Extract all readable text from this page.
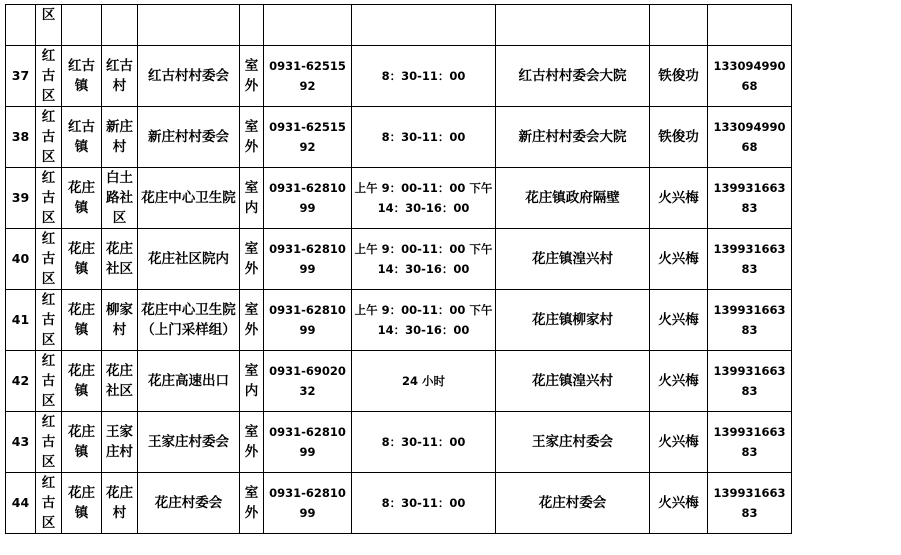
	区									
37	红古区	红古镇	红古村	红古村村委会	室外	0931-6251592	8：30-11：00	红古村村委会大院	铁俊功	13309499068
38	红古区	红古镇	新庄村	新庄村村委会	室外	0931-6251592	8：30-11：00	新庄村村委会大院	铁俊功	13309499068
39	红古区	花庄镇	白土路社区	花庄中心卫生院	室内	0931-6281099	上午 9：00-11：00 下午 14：30-16：00	花庄镇政府隔壁	火兴梅	13993166383
40	红古区	花庄镇	花庄社区	花庄社区院内	室外	0931-6281099	上午 9：00-11：00 下午 14：30-16：00	花庄镇湟兴村	火兴梅	13993166383
41	红古区	花庄镇	柳家村	花庄中心卫生院（上门采样组）	室外	0931-6281099	上午 9：00-11：00 下午 14：30-16：00	花庄镇柳家村	火兴梅	13993166383
42	红古区	花庄镇	花庄社区	花庄高速出口	室内	0931-6902032	24 小时	花庄镇湟兴村	火兴梅	13993166383
43	红古区	花庄镇	王家庄村	王家庄村委会	室外	0931-6281099	8：30-11：00	王家庄村委会	火兴梅	13993166383
44	红古区	花庄镇	花庄村	花庄村委会	室外	0931-6281099	8：30-11：00	花庄村委会	火兴梅	13993166383
